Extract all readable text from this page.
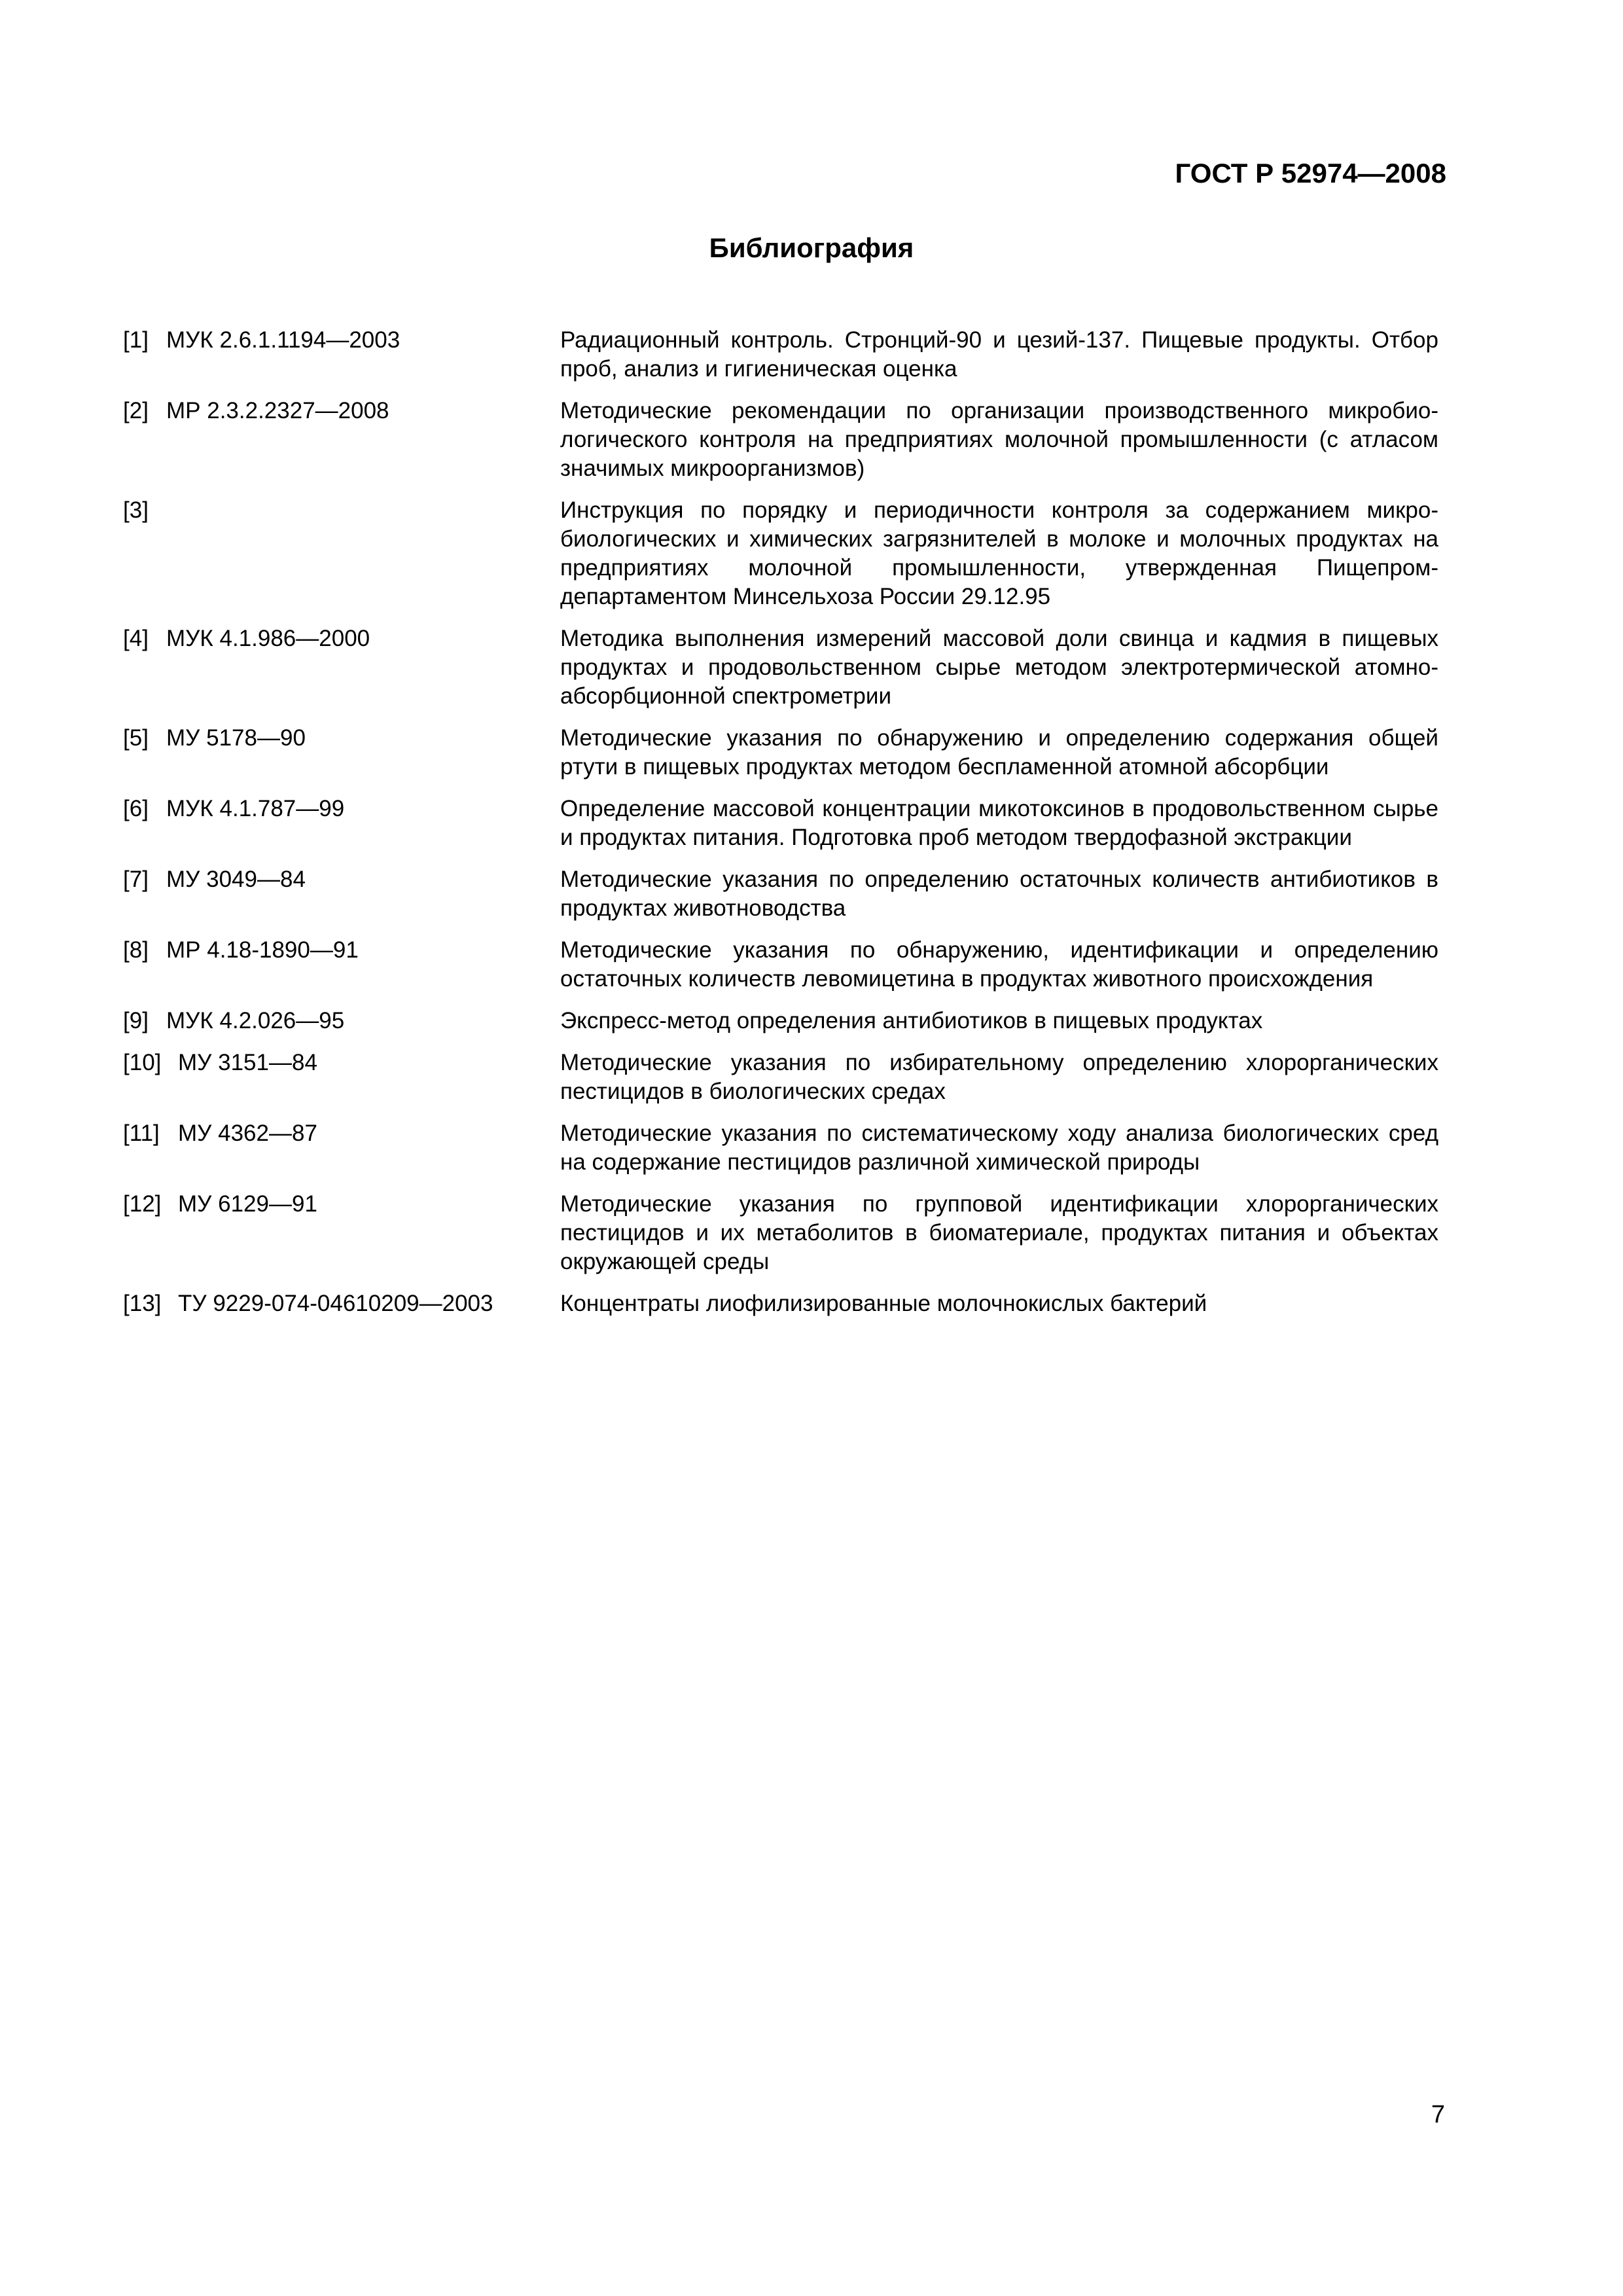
ГОСТ Р 52974—2008
Библиография
[1] МУК 2.6.1.1194—2003	Радиационный контроль. Стронций-90 и цезий-137. Пищевые продукты. Отбор проб, анализ и гигиеническая оценка
[2] МР 2.3.2.2327—2008	Методические рекомендации по организации производственного микробиологического контроля на предприятиях молочной промышленности (с атласом значимых микроорганизмов)
[3]	Инструкция по порядку и периодичности контроля за содержанием микробиологических и химических загрязнителей в молоке и молочных продуктах на предприятиях молочной промышленности, утвержденная Пищепромдепартаментом Минсельхоза России 29.12.95
[4] МУК 4.1.986—2000	Методика выполнения измерений массовой доли свинца и кадмия в пищевых продуктах и продовольственном сырье методом электротермической атомно-абсорбционной спектрометрии
[5] МУ 5178—90	Методические указания по обнаружению и определению содержания общей ртути в пищевых продуктах методом беспламенной атомной абсорбции
[6] МУК 4.1.787—99	Определение массовой концентрации микотоксинов в продовольственном сырье и продуктах питания. Подготовка проб методом твердофазной экстракции
[7] МУ 3049—84	Методические указания по определению остаточных количеств антибиотиков в продуктах животноводства
[8] МР 4.18-1890—91	Методические указания по обнаружению, идентификации и определению остаточных количеств левомицетина в продуктах животного происхождения
[9] МУК 4.2.026—95	Экспресс-метод определения антибиотиков в пищевых продуктах
[10] МУ 3151—84	Методические указания по избирательному определению хлорорганических пестицидов в биологических средах
[11] МУ 4362—87	Методические указания по систематическому ходу анализа биологических сред на содержание пестицидов различной химической природы
[12] МУ 6129—91	Методические указания по групповой идентификации хлорорганических пестицидов и их метаболитов в биоматериале, продуктах питания и объектах окружающей среды
[13] ТУ 9229-074-04610209—2003	Концентраты лиофилизированные молочнокислых бактерий
7
